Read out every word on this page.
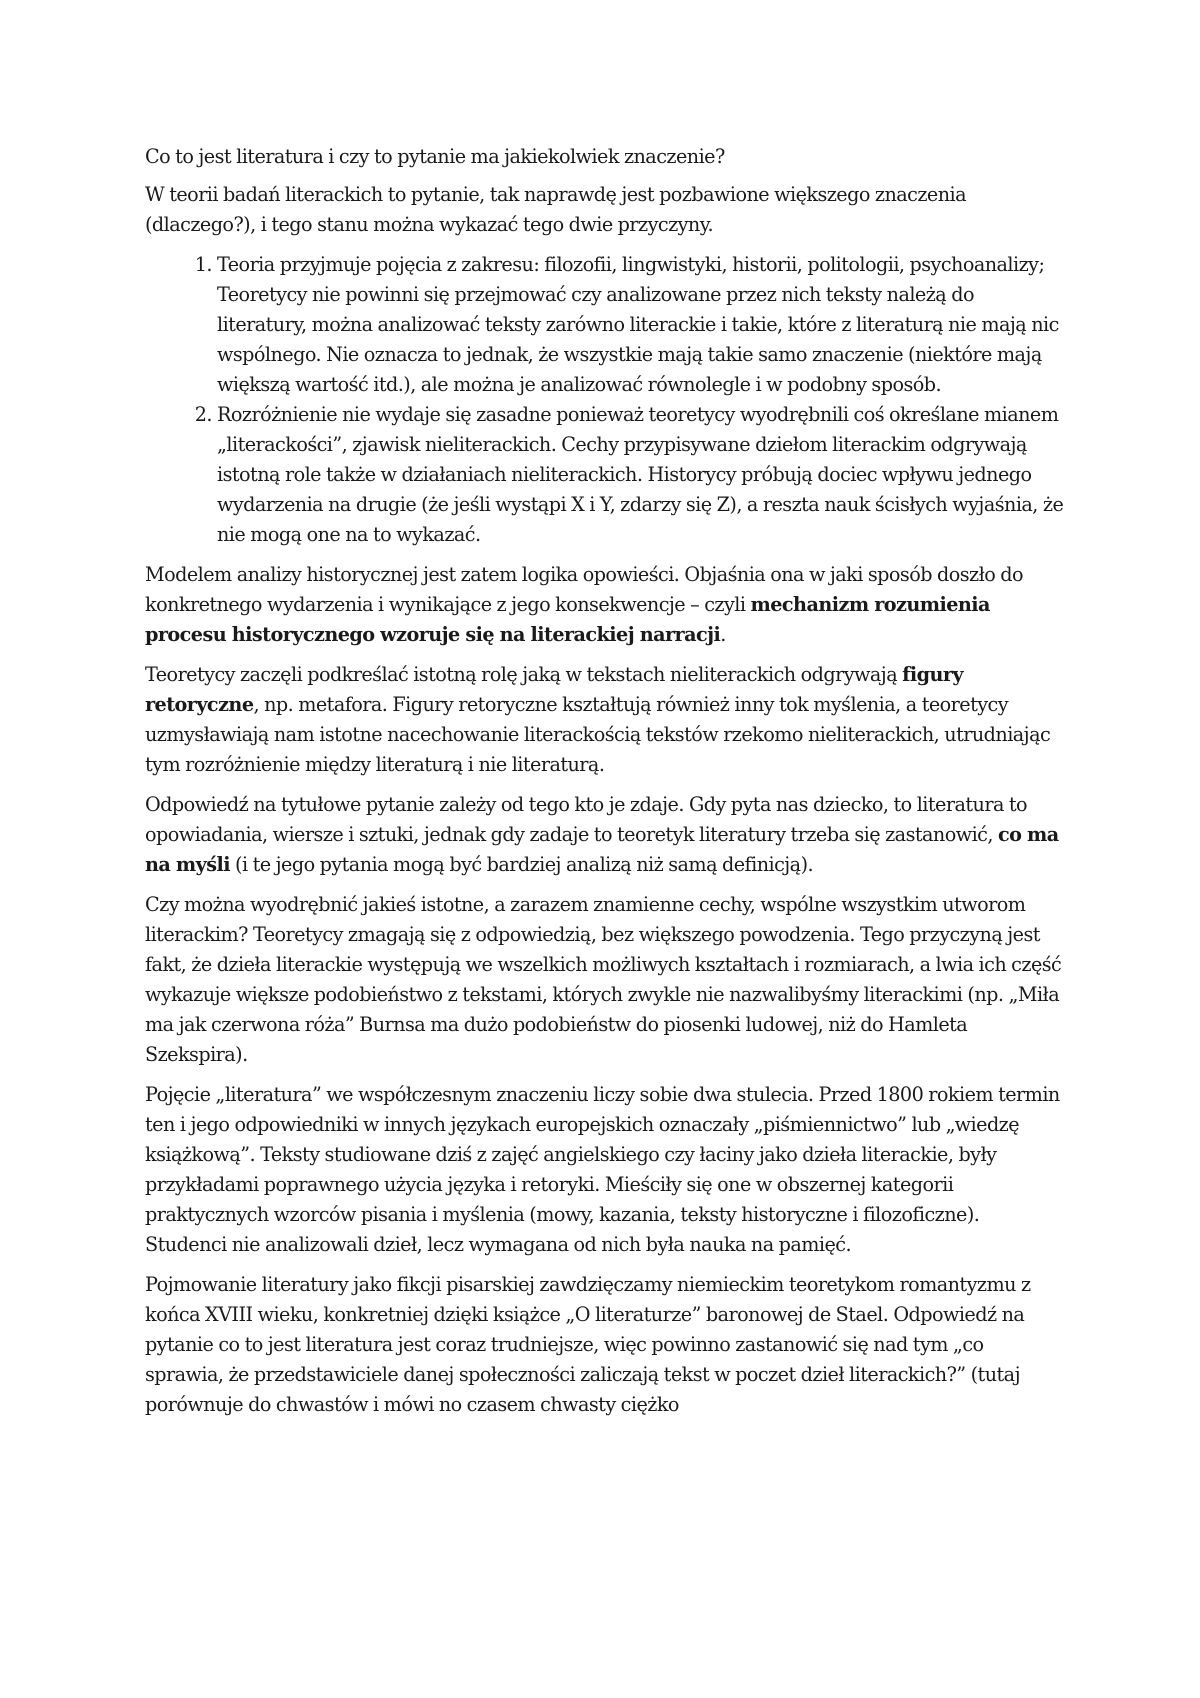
Co to jest literatura i czy to pytanie ma jakiekolwiek znaczenie?

W teorii badań literackich to pytanie, tak naprawdę jest pozbawione większego znaczenia (dlaczego?), i tego stanu można wykazać tego dwie przyczyny.

1. Teoria przyjmuje pojęcia z zakresu: filozofii, lingwistyki, historii, politologii, psychoanalizy; Teoretycy nie powinni się przejmować czy analizowane przez nich teksty należą do literatury, można analizować teksty zarówno literackie i takie, które z literaturą nie mają nic wspólnego. Nie oznacza to jednak, że wszystkie mają takie samo znaczenie (niektóre mają większą wartość itd.), ale można je analizować równolegle i w podobny sposób.
2. Rozróżnienie nie wydaje się zasadne ponieważ teoretycy wyodrębnili coś określane mianem „literackości”, zjawisk nieliterackich. Cechy przypisywane dziełom literackim odgrywają istotną role także w działaniach nieliterackich. Historycy próbują dociec wpływu jednego wydarzenia na drugie (że jeśli wystąpi X i Y, zdarzy się Z), a reszta nauk ścisłych wyjaśnia, że nie mogą one na to wykazać.

Modelem analizy historycznej jest zatem logika opowieści. Objaśnia ona w jaki sposób doszło do konkretnego wydarzenia i wynikające z jego konsekwencje – czyli mechanizm rozumienia procesu historycznego wzoruje się na literackiej narracji.

Teoretycy zaczęli podkreślać istotną rolę jaką w tekstach nieliterackich odgrywają figury retoryczne, np. metafora. Figury retoryczne kształtują również inny tok myślenia, a teoretycy uzmysławiają nam istotne nacechowanie literackością tekstów rzekomo nieliterackich, utrudniając tym rozróżnienie między literaturą i nie literaturą.

Odpowiedź na tytułowe pytanie zależy od tego kto je zdaje. Gdy pyta nas dziecko, to literatura to opowiadania, wiersze i sztuki, jednak gdy zadaje to teoretyk literatury trzeba się zastanowić, co ma na myśli (i te jego pytania mogą być bardziej analizą niż samą definicją).

Czy można wyodrębnić jakieś istotne, a zarazem znamienne cechy, wspólne wszystkim utworom literackim? Teoretycy zmagają się z odpowiedzią, bez większego powodzenia. Tego przyczyną jest fakt, że dzieła literackie występują we wszelkich możliwych kształtach i rozmiarach, a lwia ich część wykazuje większe podobieństwo z tekstami, których zwykle nie nazwalibyśmy literackimi (np. „Miła ma jak czerwona róża” Burnsa ma dużo podobieństw do piosenki ludowej, niż do Hamleta Szekspira).

Pojęcie „literatura” we współczesnym znaczeniu liczy sobie dwa stulecia. Przed 1800 rokiem termin ten i jego odpowiedniki w innych językach europejskich oznaczały „piśmiennictwo” lub „wiedzę książkową”. Teksty studiowane dziś z zajęć angielskiego czy łaciny jako dzieła literackie, były przykładami poprawnego użycia języka i retoryki. Mieściły się one w obszernej kategorii praktycznych wzorców pisania i myślenia (mowy, kazania, teksty historyczne i filozoficzne). Studenci nie analizowali dzieł, lecz wymagana od nich była nauka na pamięć.

Pojmowanie literatury jako fikcji pisarskiej zawdzięczamy niemieckim teoretykom romantyzmu z końca XVIII wieku, konkretniej dzięki książce „O literaturze” baronowej de Stael. Odpowiedź na pytanie co to jest literatura jest coraz trudniejsze, więc powinno zastanowić się nad tym „co sprawia, że przedstawiciele danej społeczności zaliczają tekst w poczet dzieł literackich?” (tutaj porównuje do chwastów i mówi no czasem chwasty ciężko
